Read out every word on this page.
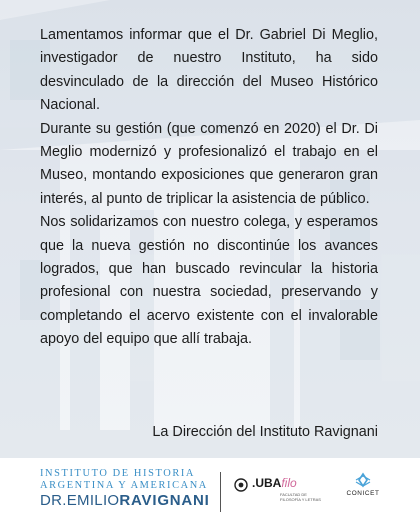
Lamentamos informar que el Dr. Gabriel Di Meglio, investigador de nuestro Instituto, ha sido desvinculado de la dirección del Museo Histórico Nacional.

Durante su gestión (que comenzó en 2020) el Dr. Di Meglio modernizó y profesionalizó el trabajo en el Museo, montando exposiciones que generaron gran interés, al punto de triplicar la asistencia de público.

Nos solidarizamos con nuestro colega, y esperamos que la nueva gestión no discontinúe los avances logrados, que han buscado revincular la historia profesional con nuestra sociedad, preservando y completando el acervo existente con el invalorable apoyo del equipo que allí trabaja.

La Dirección del Instituto Ravignani
INSTITUTO DE HISTORIA
ARGENTINA Y AMERICANA
DR.EMILIORAVIGNANI
.UBAfilo
FACULTAD DE FILOSOFÍA Y LETRAS
CONICET
